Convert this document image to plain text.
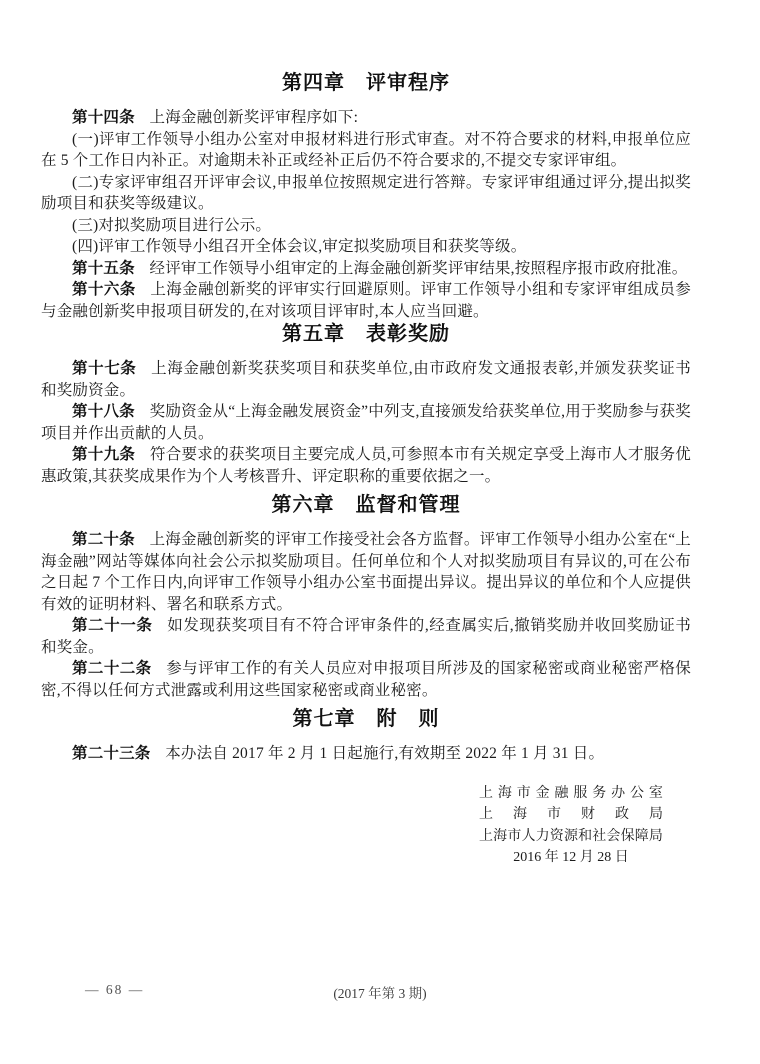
第四章　评审程序

第十四条 上海金融创新奖评审程序如下:

(一)评审工作领导小组办公室对申报材料进行形式审查。对不符合要求的材料,申报单位应在 5 个工作日内补正。对逾期未补正或经补正后仍不符合要求的,不提交专家评审组。

(二)专家评审组召开评审会议,申报单位按照规定进行答辩。专家评审组通过评分,提出拟奖励项目和获奖等级建议。

(三)对拟奖励项目进行公示。

(四)评审工作领导小组召开全体会议,审定拟奖励项目和获奖等级。

第十五条 经评审工作领导小组审定的上海金融创新奖评审结果,按照程序报市政府批准。

第十六条 上海金融创新奖的评审实行回避原则。评审工作领导小组和专家评审组成员参与金融创新奖申报项目研发的,在对该项目评审时,本人应当回避。

第五章　表彰奖励

第十七条 上海金融创新奖获奖项目和获奖单位,由市政府发文通报表彰,并颁发获奖证书和奖励资金。

第十八条 奖励资金从“上海金融发展资金”中列支,直接颁发给获奖单位,用于奖励参与获奖项目并作出贡献的人员。

第十九条 符合要求的获奖项目主要完成人员,可参照本市有关规定享受上海市人才服务优惠政策,其获奖成果作为个人考核晋升、评定职称的重要依据之一。

第六章　监督和管理

第二十条 上海金融创新奖的评审工作接受社会各方监督。评审工作领导小组办公室在“上海金融”网站等媒体向社会公示拟奖励项目。任何单位和个人对拟奖励项目有异议的,可在公布之日起 7 个工作日内,向评审工作领导小组办公室书面提出异议。提出异议的单位和个人应提供有效的证明材料、署名和联系方式。

第二十一条 如发现获奖项目有不符合评审条件的,经查属实后,撤销奖励并收回奖励证书和奖金。

第二十二条 参与评审工作的有关人员应对申报项目所涉及的国家秘密或商业秘密严格保密,不得以任何方式泄露或利用这些国家秘密或商业秘密。

第七章　附　则

第二十三条 本办法自 2017 年 2 月 1 日起施行,有效期至 2022 年 1 月 31 日。

上 海 市 金 融 服 务 办 公 室
上 海 市 财 政 局
上 海 市 人 力 资 源 和 社 会 保 障 局
2016 年 12 月 28 日
— 68 —	(2017 年第 3 期)
